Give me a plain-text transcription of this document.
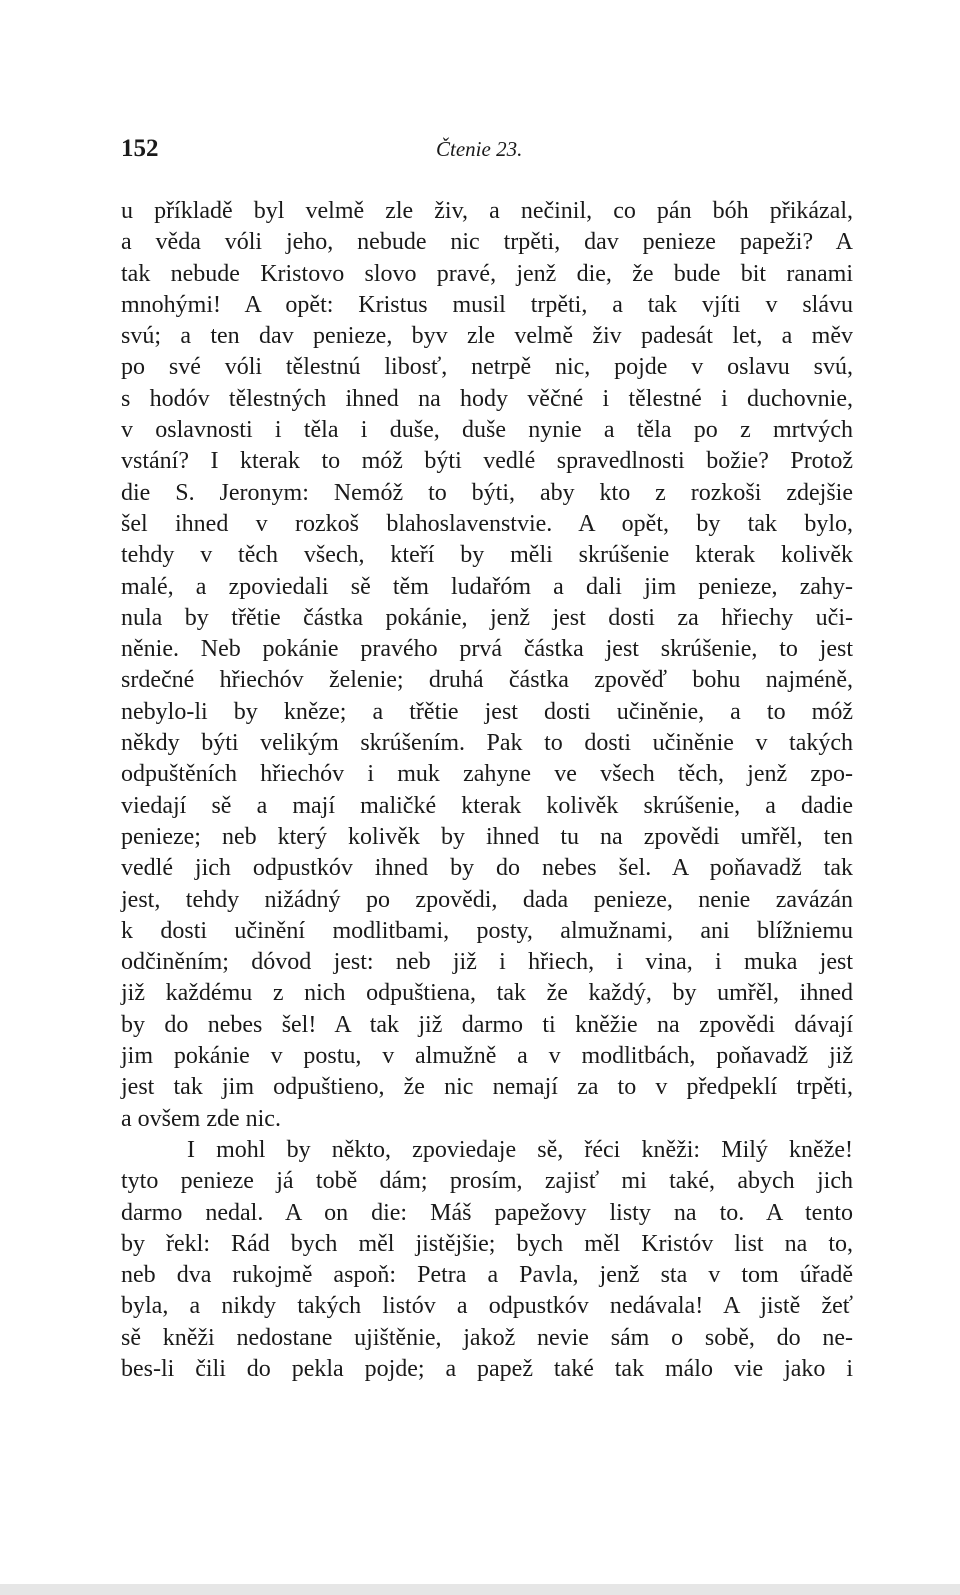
152	Čtenie 23.
u příkladě byl velmě zle živ, a nečinil, co pán bóh přikázal,
a věda vóli jeho, nebude nic trpěti, dav penieze papeži? A
tak nebude Kristovo slovo pravé, jenž die, že bude bit ranami
mnohými! A opět: Kristus musil trpěti, a tak vjíti v slávu
svú; a ten dav penieze, byv zle velmě živ padesát let, a měv
po své vóli tělestnú libosť, netrpě nic, pojde v oslavu svú,
s hodóv tělestných ihned na hody věčné i tělestné i duchovnie,
v oslavnosti i těla i duše, duše nynie a těla po z mrtvých
vstání? I kterak to móž býti vedlé spravedlnosti božie? Protož
die S. Jeronym: Nemóž to býti, aby kto z rozkoši zdejšie
šel ihned v rozkoš blahoslavenstvie. A opět, by tak bylo,
tehdy v těch všech, kteří by měli skrúšenie kterak kolivěk
malé, a zpoviedali sě těm ludařóm a dali jim penieze, zahy-
nula by třětie částka pokánie, jenž jest dosti za hřiechy uči-
něnie. Neb pokánie pravého prvá částka jest skrúšenie, to jest
srdečné hřiechóv želenie; druhá částka zpověď bohu najméně,
nebylo-li by kněze; a třětie jest dosti učiněnie, a to móž
někdy býti velikým skrúšením. Pak to dosti učiněnie v takých
odpuštěních hřiechóv i muk zahyne ve všech těch, jenž zpo-
viedají sě a mají maličké kterak kolivěk skrúšenie, a dadie
penieze; neb který kolivěk by ihned tu na zpovědi umřěl, ten
vedlé jich odpustkóv ihned by do nebes šel. A poňavadž tak
jest, tehdy nižádný po zpovědi, dada penieze, nenie zavázán
k dosti učinění modlitbami, posty, almužnami, ani blížniemu
odčiněním; dóvod jest: neb již i hřiech, i vina, i muka jest
již každému z nich odpuštiena, tak že každý, by umřěl, ihned
by do nebes šel! A tak již darmo ti kněžie na zpovědi dávají
jim pokánie v postu, v almužně a v modlitbách, poňavadž již
jest tak jim odpuštieno, že nic nemají za to v předpeklí trpěti,
a ovšem zde nic.
I mohl by někto, zpoviedaje sě, řéci kněži: Milý kněže!
tyto penieze já tobě dám; prosím, zajisť mi také, abych jich
darmo nedal. A on die: Máš papežovy listy na to. A tento
by řekl: Rád bych měl jistějšie; bych měl Kristóv list na to,
neb dva rukojmě aspoň: Petra a Pavla, jenž sta v tom úřadě
byla, a nikdy takých listóv a odpustkóv nedávala! A jistě žeť
sě kněži nedostane ujištěnie, jakož nevie sám o sobě, do ne-
bes-li čili do pekla pojde; a papež také tak málo vie jako i
